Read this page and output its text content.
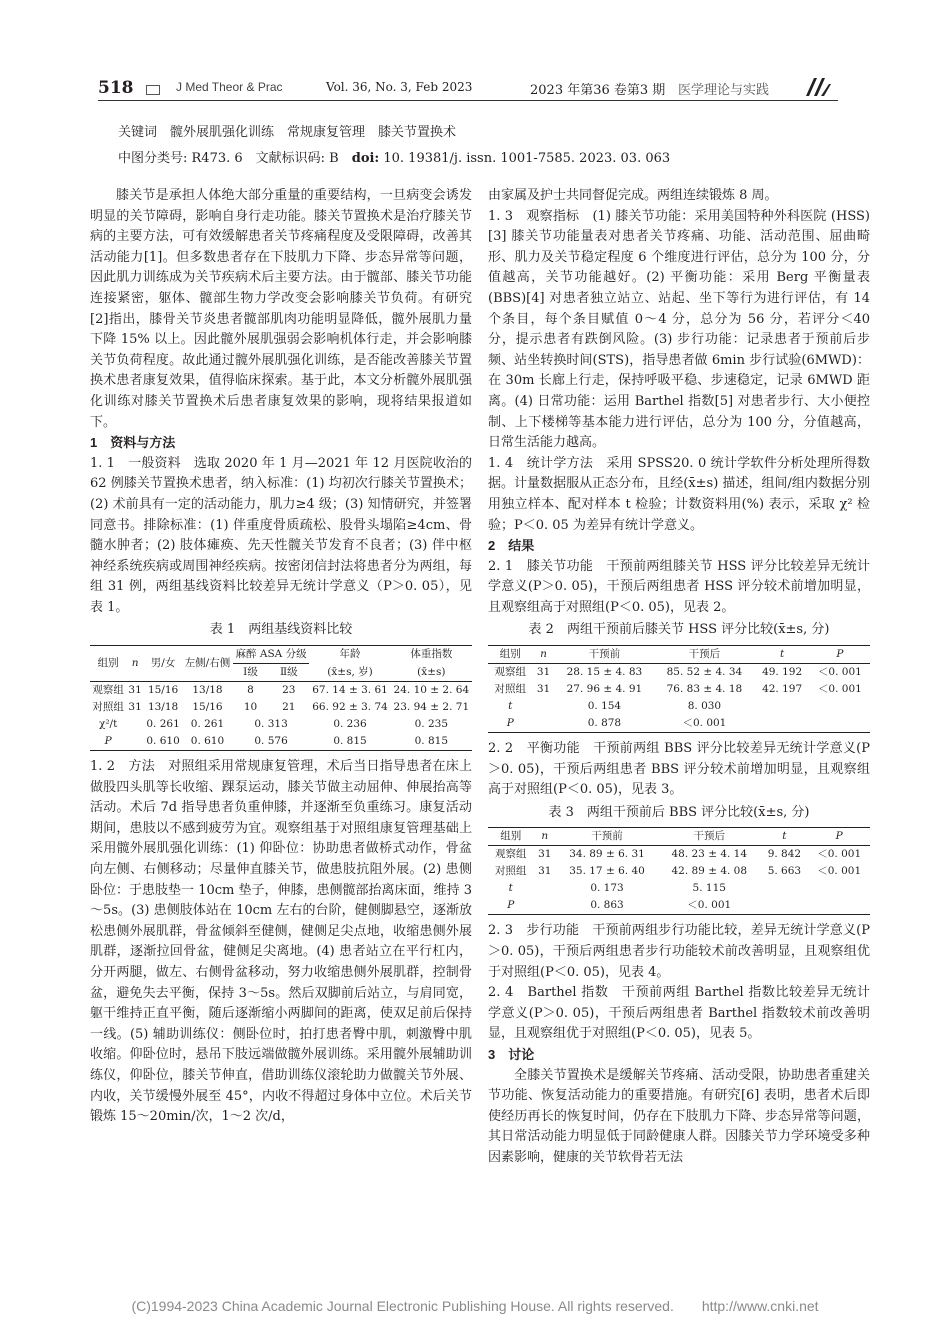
518	J Med Theor & Prac	Vol. 36, No. 3, Feb 2023	2023 年第36 卷第3 期 医学理论与实践
关键词　 髋外展肌强化训练　常规康复管理　膝关节置换术
中图分类号: R473. 6　文献标识码: B　 doi: 10. 19381/j. issn. 1001-7585. 2023. 03. 063

膝关节是承担人体绝大部分重量的重要结构，一旦病变会诱发明显的关节障碍，影响自身行走功能。膝关节置换术是治疗膝关节病的主要方法，可有效缓解患者关节疼痛程度及受限障碍，改善其活动能力[1]。但多数患者存在下肢肌力下降、步态异常等问题，因此肌力训练成为关节疾病术后主要方法。由于髋部、膝关节功能连接紧密，躯体、髋部生物力学改变会影响膝关节负荷。有研究[2]指出，膝骨关节炎患者髋部肌肉功能明显降低，髋外展肌力量下降 15% 以上。因此髋外展肌强弱会影响机体行走，并会影响膝关节负荷程度。故此通过髋外展肌强化训练，是否能改善膝关节置换术患者康复效果，值得临床探索。基于此，本文分析髋外展肌强化训练对膝关节置换术后患者康复效果的影响，现将结果报道如下。

1　资料与方法

1. 1　一般资料　选取 2020 年 1 月—2021 年 12 月医院收治的 62 例膝关节置换术患者，纳入标准：(1) 均初次行膝关节置换术；(2) 术前具有一定的活动能力，肌力≥4 级；(3) 知情研究，并签署同意书。排除标准：(1) 伴重度骨质疏松、股骨头塌陷≥4cm、骨髓水肿者；(2) 肢体瘫痪、先天性髋关节发育不良者；(3) 伴中枢神经系统疾病或周围神经疾病。按密闭信封法将患者分为两组，每组 31 例，两组基线资料比较差异无统计学意义（P＞0. 05），见表 1。

表 1　两组基线资料比较
组别	n	男/女	左侧/右侧	麻醉 ASA 分级		年龄	体重指数
				Ⅰ级	Ⅱ级	(x̄±s, 岁)	(x̄±s)
观察组	31	15/16	13/18	8	23	67. 14 ± 3. 61	24. 10 ± 2. 64
对照组	31	13/18	15/16	10	21	66. 92 ± 3. 74	23. 94 ± 2. 71
χ²/t		0. 261	0. 261	0. 313		0. 236	0. 235
P		0. 610	0. 610	0. 576		0. 815	0. 815

1. 2　方法　对照组采用常规康复管理，术后当日指导患者在床上做股四头肌等长收缩、踝泵运动，膝关节做主动屈伸、伸展抬高等活动。术后 7d 指导患者负重伸膝，并逐渐至负重练习。康复活动期间，患肢以不感到疲劳为宜。观察组基于对照组康复管理基础上采用髋外展肌强化训练：(1) 仰卧位：协助患者做桥式动作，骨盆向左侧、右侧移动；尽量伸直膝关节，做患肢抗阻外展。(2) 患侧卧位：于患肢垫一 10cm 垫子，伸膝，患侧髋部抬离床面，维持 3～5s。(3) 患侧肢体站在 10cm 左右的台阶，健侧脚悬空，逐渐放松患侧外展肌群，骨盆倾斜至健侧，健侧足尖点地，收缩患侧外展肌群，逐渐拉回骨盆，健侧足尖离地。(4) 患者站立在平行杠内，分开两腿，做左、右侧骨盆移动，努力收缩患侧外展肌群，控制骨盆，避免失去平衡，保持 3～5s。然后双脚前后站立，与肩同宽，躯干维持正直平衡，随后逐渐缩小两脚间的距离，使双足前后保持一线。(5) 辅助训练仪：侧卧位时，拍打患者臀中肌，刺激臀中肌收缩。仰卧位时，悬吊下肢远端做髋外展训练。采用髋外展辅助训练仪，仰卧位，膝关节伸直，借助训练仪滚轮助力做髋关节外展、内收，关节缓慢外展至 45°，内收不得超过身体中立位。术后关节锻炼 15～20min/次，1～2 次/d，

由家属及护士共同督促完成。两组连续锻炼 8 周。

1. 3　观察指标　(1) 膝关节功能：采用美国特种外科医院 (HSS)[3] 膝关节功能量表对患者关节疼痛、功能、活动范围、屈曲畸形、肌力及关节稳定程度 6 个维度进行评估，总分为 100 分，分值越高，关节功能越好。(2) 平衡功能：采用 Berg 平衡量表(BBS)[4] 对患者独立站立、站起、坐下等行为进行评估，有 14 个条目，每个条目赋值 0～4 分，总分为 56 分，若评分＜40 分，提示患者有跌倒风险。(3) 步行功能：记录患者于预前后步频、站坐转换时间(STS)，指导患者做 6min 步行试验(6MWD)：在 30m 长廊上行走，保持呼吸平稳、步速稳定，记录 6MWD 距离。(4) 日常功能：运用 Barthel 指数[5] 对患者步行、大小便控制、上下楼梯等基本能力进行评估，总分为 100 分，分值越高，日常生活能力越高。

1. 4　统计学方法　采用 SPSS20. 0 统计学软件分析处理所得数据。计量数据服从正态分布，且经(x̄±s) 描述，组间/组内数据分别用独立样本、配对样本 t 检验；计数资料用(%) 表示，采取 χ² 检验；P＜0. 05 为差异有统计学意义。

2　结果

2. 1　膝关节功能　干预前两组膝关节 HSS 评分比较差异无统计学意义(P＞0. 05)，干预后两组患者 HSS 评分较术前增加明显，且观察组高于对照组(P＜0. 05)，见表 2。

表 2　两组干预前后膝关节 HSS 评分比较(x̄±s, 分)
组别	n	干预前	干预后	t	P
观察组	31	28. 15 ± 4. 83	85. 52 ± 4. 34	49. 192	＜0. 001
对照组	31	27. 96 ± 4. 91	76. 83 ± 4. 18	42. 197	＜0. 001
t		0. 154	8. 030		
P		0. 878	＜0. 001		

2. 2　平衡功能　干预前两组 BBS 评分比较差异无统计学意义(P＞0. 05)，干预后两组患者 BBS 评分较术前增加明显，且观察组高于对照组(P＜0. 05)，见表 3。

表 3　两组干预前后 BBS 评分比较(x̄±s, 分)
组别	n	干预前	干预后	t	P
观察组	31	34. 89 ± 6. 31	48. 23 ± 4. 14	9. 842	＜0. 001
对照组	31	35. 17 ± 6. 40	42. 89 ± 4. 08	5. 663	＜0. 001
t		0. 173	5. 115		
P		0. 863	＜0. 001		

2. 3　步行功能　干预前两组步行功能比较，差异无统计学意义(P＞0. 05)，干预后两组患者步行功能较术前改善明显，且观察组优于对照组(P＜0. 05)，见表 4。

2. 4　Barthel 指数　干预前两组 Barthel 指数比较差异无统计学意义(P＞0. 05)，干预后两组患者 Barthel 指数较术前改善明显，且观察组优于对照组(P＜0. 05)，见表 5。

3　讨论

全膝关节置换术是缓解关节疼痛、活动受限，协助患者重建关节功能、恢复活动能力的重要措施。有研究[6] 表明，患者术后即使经历再长的恢复时间，仍存在下肢肌力下降、步态异常等问题，其日常活动能力明显低于同龄健康人群。因膝关节力学环境受多种因素影响，健康的关节软骨若无法

(C)1994-2023 China Academic Journal Electronic Publishing House. All rights reserved.　　http://www.cnki.net
